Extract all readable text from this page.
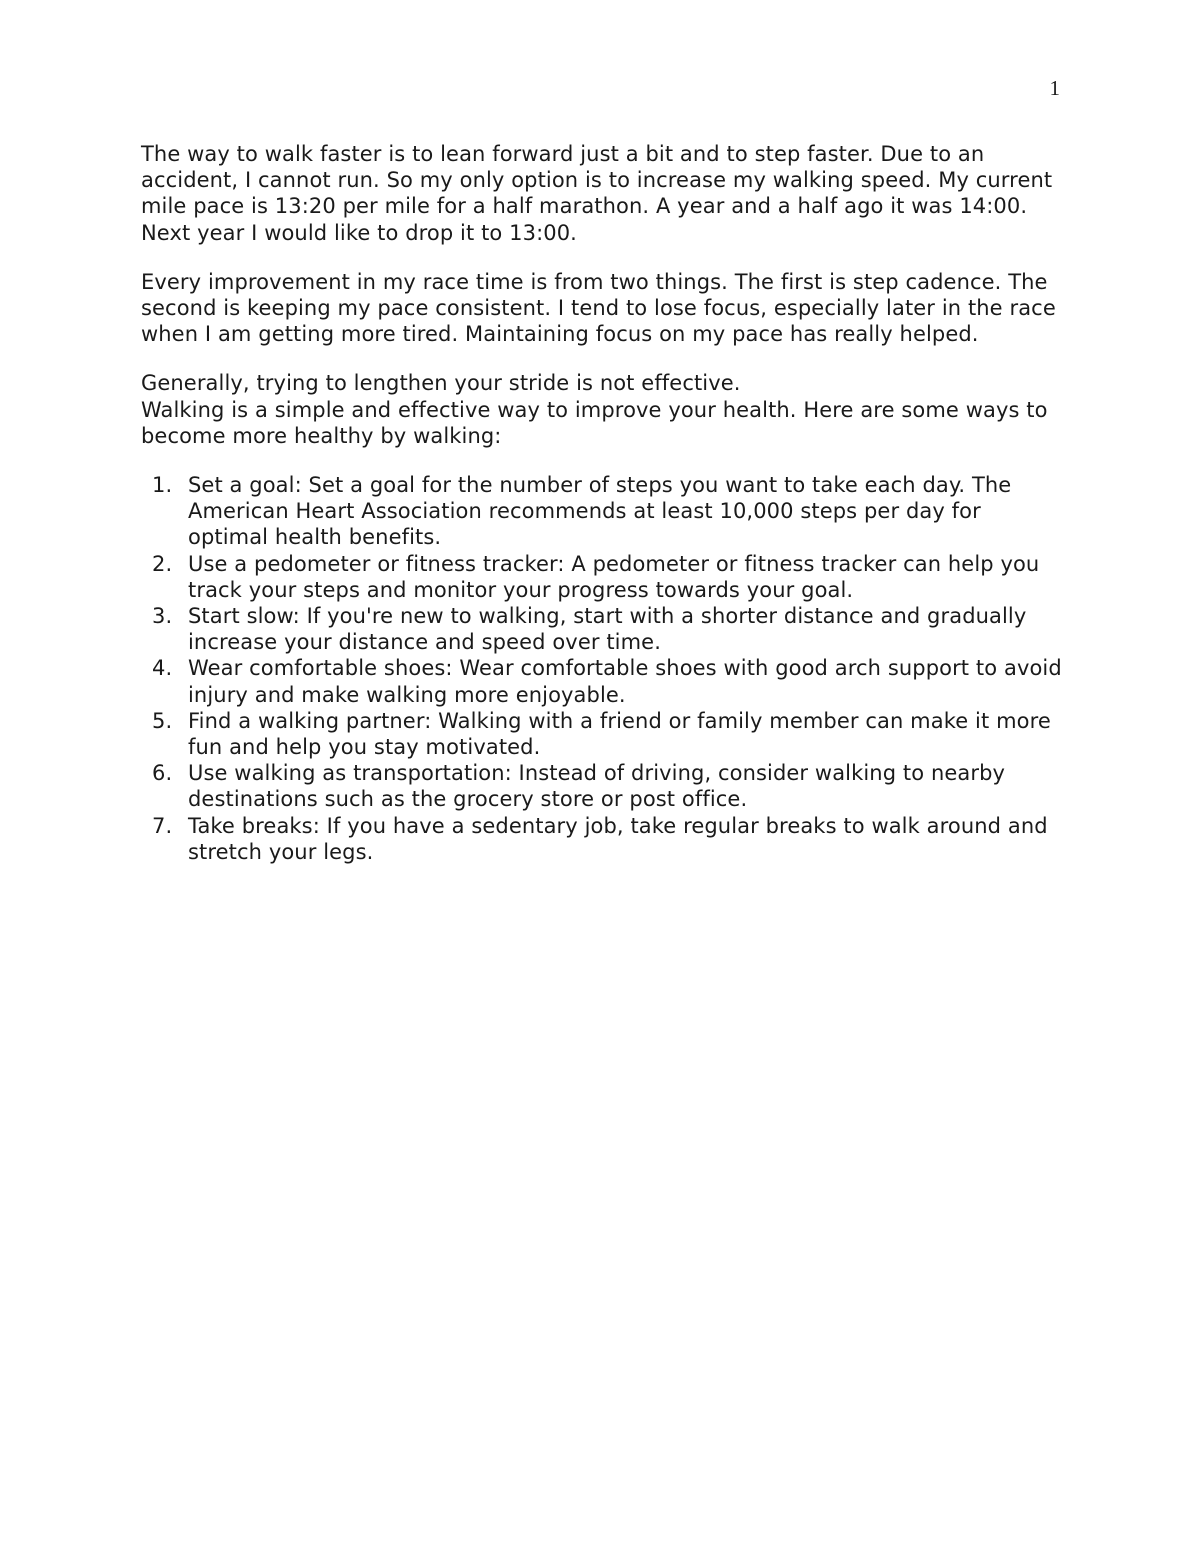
1

The way to walk faster is to lean forward just a bit and to step faster. Due to an accident, I cannot run. So my only option is to increase my walking speed. My current mile pace is 13:20 per mile for a half marathon. A year and a half ago it was 14:00. Next year I would like to drop it to 13:00.

Every improvement in my race time is from two things. The first is step cadence. The second is keeping my pace consistent. I tend to lose focus, especially later in the race when I am getting more tired. Maintaining focus on my pace has really helped.

Generally, trying to lengthen your stride is not effective.

Walking is a simple and effective way to improve your health. Here are some ways to become more healthy by walking:

1. Set a goal: Set a goal for the number of steps you want to take each day. The American Heart Association recommends at least 10,000 steps per day for optimal health benefits.
2. Use a pedometer or fitness tracker: A pedometer or fitness tracker can help you track your steps and monitor your progress towards your goal.
3. Start slow: If you're new to walking, start with a shorter distance and gradually increase your distance and speed over time.
4. Wear comfortable shoes: Wear comfortable shoes with good arch support to avoid injury and make walking more enjoyable.
5. Find a walking partner: Walking with a friend or family member can make it more fun and help you stay motivated.
6. Use walking as transportation: Instead of driving, consider walking to nearby destinations such as the grocery store or post office.
7. Take breaks: If you have a sedentary job, take regular breaks to walk around and stretch your legs.
